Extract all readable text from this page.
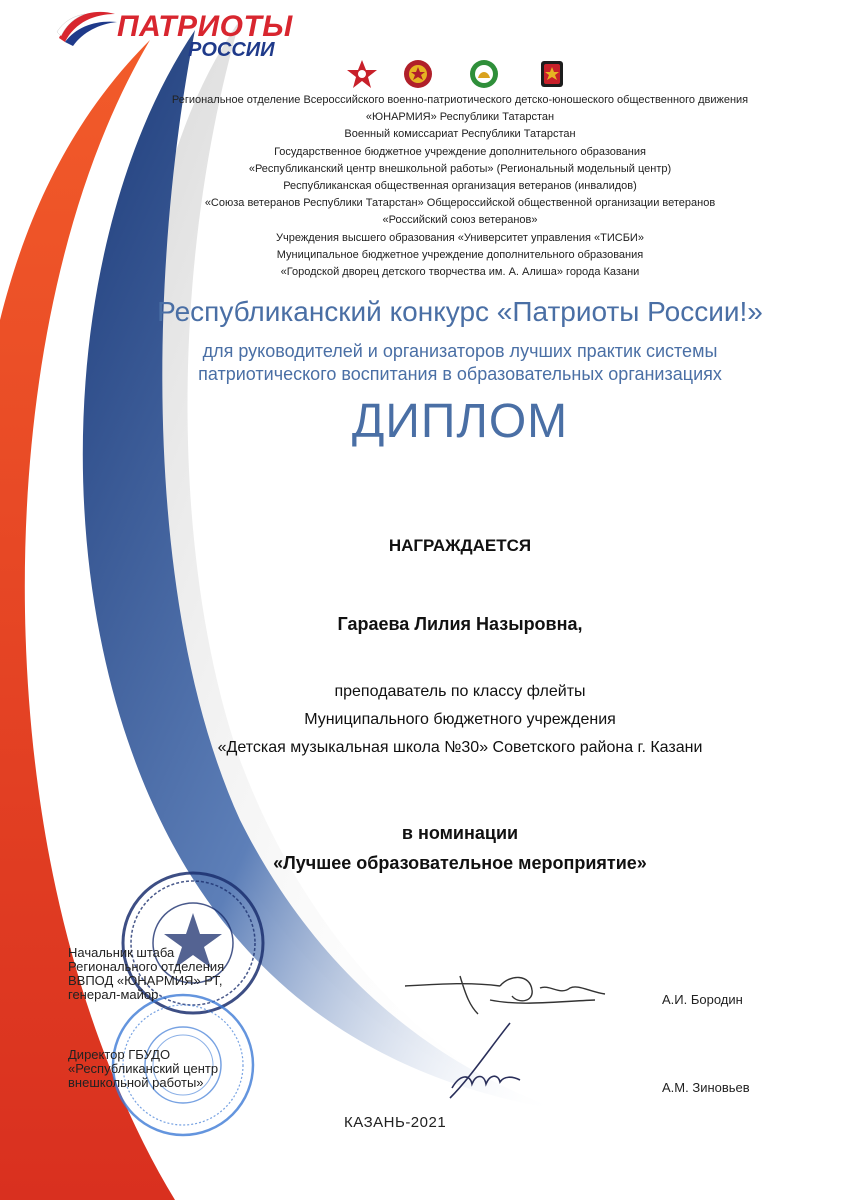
ПАТРИОТЫ
РОССИИ
Региональное отделение Всероссийского военно-патриотического детско-юношеского общественного движения
«ЮНАРМИЯ» Республики Татарстан
Военный комиссариат Республики Татарстан
Государственное бюджетное учреждение дополнительного образования
«Республиканский центр внешкольной работы» (Региональный модельный центр)
Республиканская общественная организация ветеранов (инвалидов)
«Союза ветеранов Республики Татарстан» Общероссийской общественной организации ветеранов
«Российский союз ветеранов»
Учреждения высшего образования «Университет управления «ТИСБИ»
Муниципальное бюджетное учреждение дополнительного образования
«Городской дворец детского творчества им. А. Алиша» города Казани
Республиканский конкурс «Патриоты России!»
для руководителей и организаторов лучших практик системы
патриотического воспитания в образовательных организациях
ДИПЛОМ
НАГРАЖДАЕТСЯ
Гараева Лилия Назыровна,
преподаватель по классу флейты
Муниципального бюджетного учреждения
«Детская музыкальная школа №30» Советского района г. Казани
в номинации
«Лучшее образовательное мероприятие»
Начальник штаба
Регионального отделения
ВВПОД «ЮНАРМИЯ» РТ,
генерал-майор	А.И. Бородин
Директор ГБУДО
«Республиканский центр
внешкольной работы»	А.М. Зиновьев
КАЗАНЬ-2021
